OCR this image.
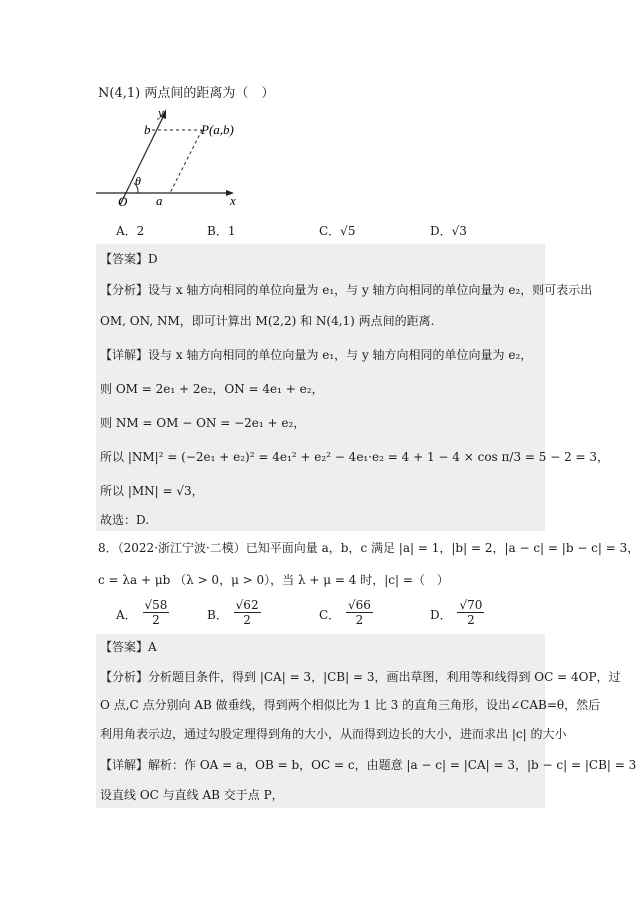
N(4,1) 两点间的距离为（　）
y
b	P(a,b)
θ
O a	x
A．2	B．1	C．√5	D．√3
【答案】D
【分析】设与 x 轴方向相同的单位向量为 e₁，与 y 轴方向相同的单位向量为 e₂，则可表示出
OM, ON, NM，即可计算出 M(2,2) 和 N(4,1) 两点间的距离.
【详解】设与 x 轴方向相同的单位向量为 e₁，与 y 轴方向相同的单位向量为 e₂，
则 OM = 2e₁ + 2e₂，ON = 4e₁ + e₂，
则 NM = OM − ON = −2e₁ + e₂，
所以 |NM|² = (−2e₁ + e₂)² = 4e₁² + e₂² − 4e₁·e₂ = 4 + 1 − 4 × cos π/3 = 5 − 2 = 3，
所以 |MN| = √3，
故选：D.
8．（2022·浙江宁波·二模）已知平面向量 a，b，c 满足 |a| = 1，|b| = 2，|a − c| = |b − c| = 3，
c = λa + μb （λ > 0，μ > 0），当 λ + μ = 4 时，|c| =（　）
A． $\frac{√58}{2}$	B． $\frac{√62}{2}$	C． $\frac{√66}{2}$	D． $\frac{√70}{2}$
【答案】A
【分析】分析题目条件，得到 |CA| = 3，|CB| = 3，画出草图，利用等和线得到 OC = 4OP，过
O 点,C 点分别向 AB 做垂线，得到两个相似比为 1 比 3 的直角三角形，设出∠CAB=θ，然后
利用角表示边，通过勾股定理得到角的大小，从而得到边长的大小，进而求出 |c| 的大小
【详解】解析：作 OA = a，OB = b，OC = c，由题意 |a − c| = |CA| = 3，|b − c| = |CB| = 3
设直线 OC 与直线 AB 交于点 P，
